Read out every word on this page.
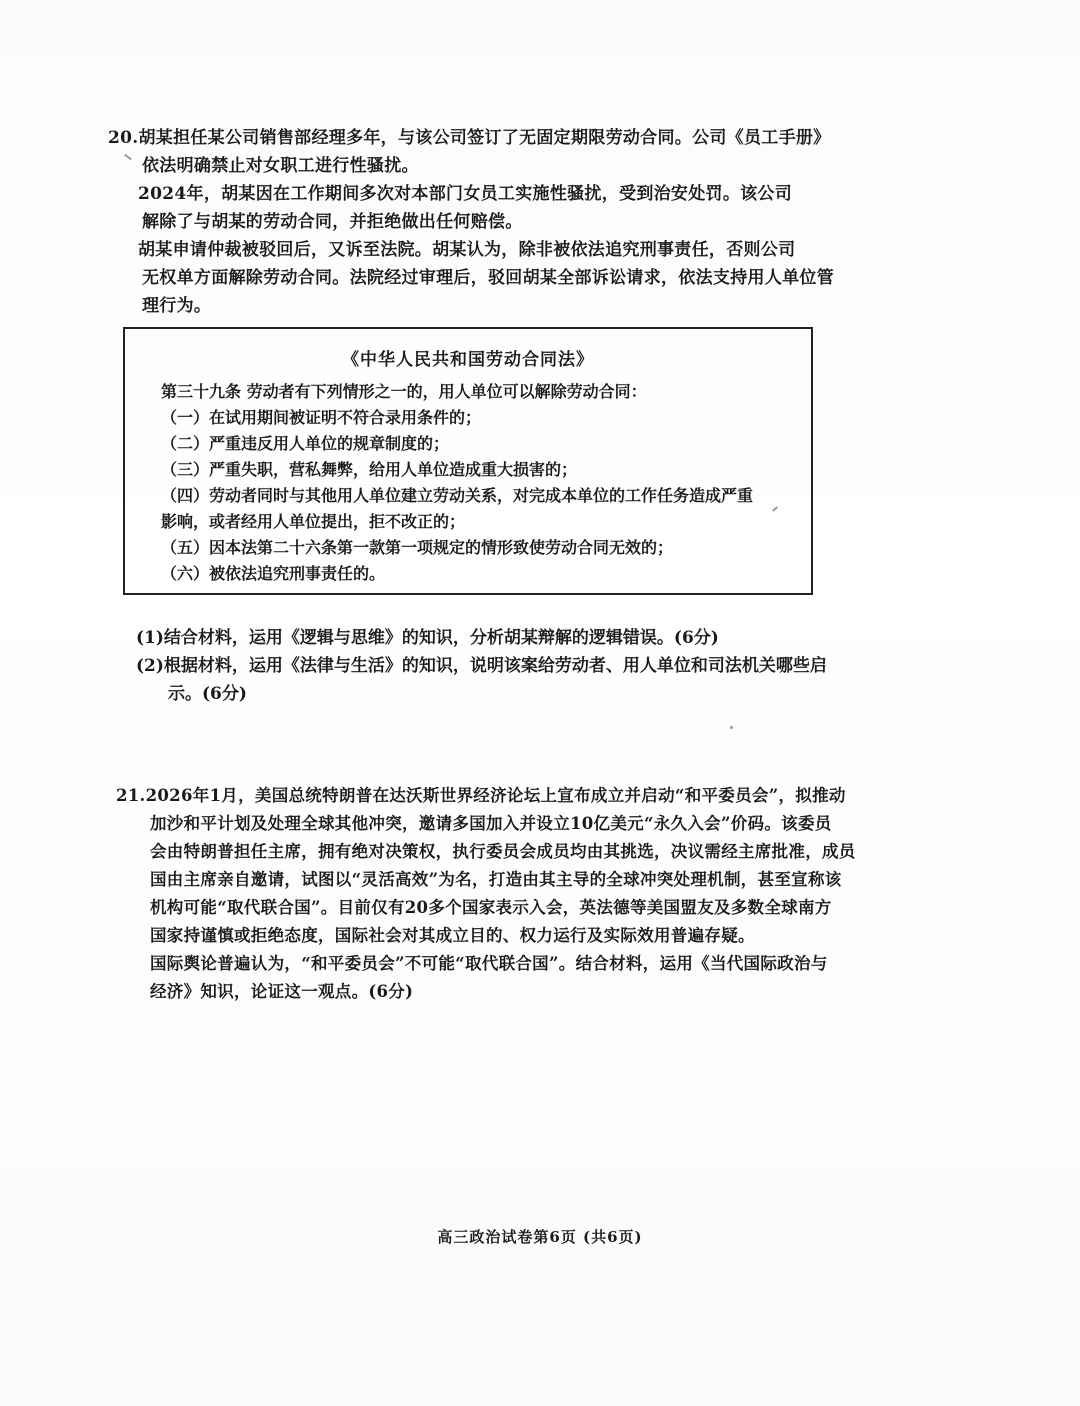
20.胡某担任某公司销售部经理多年，与该公司签订了无固定期限劳动合同。公司《员工手册》
依法明确禁止对女职工进行性骚扰。
2024年，胡某因在工作期间多次对本部门女员工实施性骚扰，受到治安处罚。该公司
解除了与胡某的劳动合同，并拒绝做出任何赔偿。
胡某申请仲裁被驳回后，又诉至法院。胡某认为，除非被依法追究刑事责任，否则公司
无权单方面解除劳动合同。法院经过审理后，驳回胡某全部诉讼请求，依法支持用人单位管
理行为。
《中华人民共和国劳动合同法》
第三十九条 劳动者有下列情形之一的，用人单位可以解除劳动合同：
（一）在试用期间被证明不符合录用条件的；
（二）严重违反用人单位的规章制度的；
（三）严重失职，营私舞弊，给用人单位造成重大损害的；
（四）劳动者同时与其他用人单位建立劳动关系，对完成本单位的工作任务造成严重
影响，或者经用人单位提出，拒不改正的；
（五）因本法第二十六条第一款第一项规定的情形致使劳动合同无效的；
（六）被依法追究刑事责任的。
(1)结合材料，运用《逻辑与思维》的知识，分析胡某辩解的逻辑错误。(6分)
(2)根据材料，运用《法律与生活》的知识，说明该案给劳动者、用人单位和司法机关哪些启
示。(6分)
21.2026年1月，美国总统特朗普在达沃斯世界经济论坛上宣布成立并启动“和平委员会”，拟推动
加沙和平计划及处理全球其他冲突，邀请多国加入并设立10亿美元“永久入会”价码。该委员
会由特朗普担任主席，拥有绝对决策权，执行委员会成员均由其挑选，决议需经主席批准，成员
国由主席亲自邀请，试图以“灵活高效”为名，打造由其主导的全球冲突处理机制，甚至宣称该
机构可能“取代联合国”。目前仅有20多个国家表示入会，英法德等美国盟友及多数全球南方
国家持谨慎或拒绝态度，国际社会对其成立目的、权力运行及实际效用普遍存疑。
国际舆论普遍认为，“和平委员会”不可能“取代联合国”。结合材料，运用《当代国际政治与
经济》知识，论证这一观点。(6分)
高三政治试卷第6页 (共6页)
